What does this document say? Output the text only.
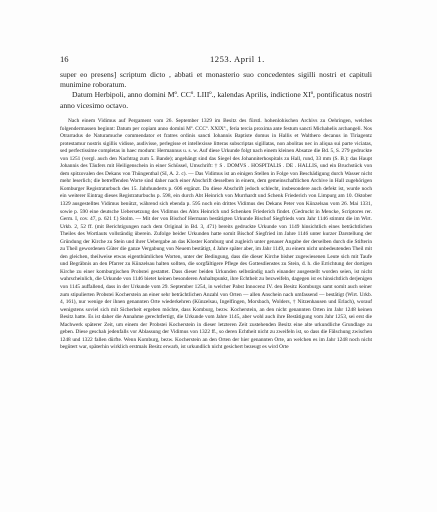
16	1253. April 1.

super eo presens] scriptum dicto , abbati et monasterio suo concedentes sigilli nostri et capituli munimine roboratum.

Datum Herbipoli, anno domini Mº. CCº. LIIIº., kalendas Aprilis, indictione XIº, pontificatus nostri anno vicesimo octavo.

Nach einem Vidimus auf Pergament vom 26. September 1329 im Besitz des fürstl. hohenlohischen Archivs zu Oehringen, welches folgendermassen beginnt: Datum per copiam anno domini Mº. CCCº. XXIXº., feria tercia proxima ante festum sancti Michahelis archangeli. Nos Otrarradus de Naturamuche commendator et fratres ordinis sancti Iohannis Baptiste domus in Hallis et Walthero decanus in Tiriagentz protestamur nostris sigillis vidisse, audivisse, perlegisse et intellexisse litteras subscriptas sigillatas, non abolitas nec in aliqua sui parte viciatas, sed perfectissime completas in haec modum: Hermannus u. s. w. Auf diese Urkunde folgt nach einem kleinen Absatze die Bd. 5, S. 279 gedruckte von 1251 (vergl. auch den Nachtrag zum 5. Bande); angehängt sind das Siegel des Johanniterhospitals zu Hall, rund, 33 mm (S. B.): das Haupt Johannis des Täufers mit Heiligenschein in einer Schüssel, Umschrift: † S . DOMVS . HOSPITALIS . DE . HALLIS, und ein Bruchstück von dem spitzovalen des Dekans von Thüngenthal (SI, A. 2. c). — Das Vidimus ist an einigen Stellen in Folge von Beschädigung durch Wasser nicht mehr leserlich; die betreffenden Worte sind daher nach einer Abschrift desselben in einem, dem gemeinschaftlichen Archive in Hall zugehörigen Komburger Registraturbuch des 15. Jahrhunderts p. 606 ergänzt. Da diese Abschrift jedoch schlecht, insbesondere auch defekt ist, wurde noch ein weiterer Eintrag dieses Registraturbuchs p. 598, ein durch Abt Heinrich von Murrhardt und Schenk Friederich von Limpurg am 10. Oktober 1329 ausgestelltes Vidimus benützt, während sich ebenda p. 595 noch ein drittes Vidimus des Dekans Peter von Künzelsau vom 26. Mai 1331, sowie p. 590 eine deutsche Uebersetzung des Vidimus des Abts Heinrich und Schenken Friederich findet. (Gedruckt in Mencke, Scriptores rer. Germ. I, cov. 47, p. 621 f.) Stolm. — Mit der von Bischof Hermann bestätigten Urkunde Bischof Siegfrieds vom Jahr 1146 stimmt die im Wirt. Urkb. 2, 52 ff. (mit Berichtigungen nach dem Original in Bd. 3, 471) bereits gedruckte Urkunde von 1149 hinsichtlich eines beträchtlichen Theiles des Wortlauts vollständig überein. Zufolge beider Urkunden hatte somit Bischof Siegfried im Jahre 1146 unter kurzer Darstellung der Gründung der Kirche zu Stein und ihrer Uebergabe an das Kloster Komburg und zugleich unter genauer Angabe der derselben durch die Stifterin zu Theil gewordenen Güter die ganze Vergabung von Neuem bestätigt, 4 Jahre später aber, im Jahr 1149, zu einem nicht unbedeutenden Theil mit den gleichen, theilweise etwas eigenthümlichen Worten, unter der Bedingung, dass die dieser Kirche bisher zugewiesenen Leute sich mit Taufe und Begräbnis an den Pfarrer zu Künzelsau halten sollten, die sorgfältigere Pflege des Gottesdienstes zu Stein, d. h. die Errichtung der dortigen Kirche zu einer komburgischen Probstei gestattet. Dass dieser beiden Urkunden selbständig nach einander ausgestellt worden seien, ist nicht wahrscheinlich, die Urkunde von 1146 bietet keinen besonderen Anhaltspunkt, ihre Echtheit zu bezweifeln, dagegen ist es hinsichtlich derjenigen von 1145 auffallend, dass in der Urkunde vom 29. September 1254, in welcher Pabst Innocenz IV. den Besitz Komburgs samt somit auch seiner zum stipulierten Probstei Kocherstein an einer sehr beträchtlichen Anzahl von Orten — allen Anschein nach umfassend — bestätigt (Wirt. Urkb. 4, 161), nur wenige der ihnen genannten Orte wiederkehren (Künzelsau, Ingelfingen, Morsbach, Wolders, † Nitzenhausen und Erlach), worauf wenigstens soviel sich mit Sicherheit ergeben möchte, dass Komburg, bezw. Kocherstein, an den nicht genannten Orten im Jahr 1248 keinen Besitz hatte. Es ist daher die Annahme gerechtfertigt, die Urkunde vom Jahre 1145, aber wohl auch ihre Bestätigung vom Jahr 1253, sei erst die Machwerk späterer Zeit, um einem der Probstei Kocherstein in dieser letzteren Zeit zustehenden Besitz eine alte urkundliche Grundlage zu geben. Diese geschah jedenfalls vor Ablassung der Vidimus von 1322 ff., so deren Echtheit nicht zu zweifeln ist, so dass die Fälschung zwischen 1248 und 1322 fallen dürfte. Wenn Komburg, bezw. Kocherstein an den Orten der hier genannten Orte, an welchen es im Jahr 1248 noch nicht begütert war, späterhin wirklich erstmals Besitz erwarb, ist urkundlich nicht gesichert bezeugt es wird Orte
